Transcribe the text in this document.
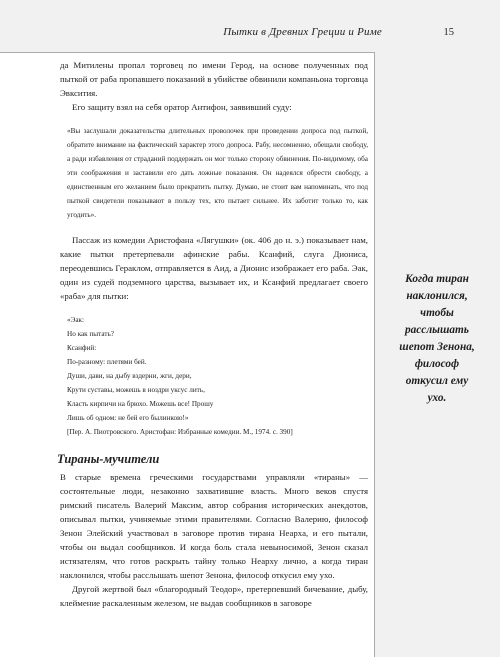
Пытки в Древних Греции и Риме	15
Когда тиран
наклонился,
чтобы
расслышать
шепот Зенона,
философ
откусил ему
ухо.

да Митилены пропал торговец по имени Герод, на основе полученных под пыткой от раба пропавшего показаний в убийстве обвинили компаньона торговца Эвксития.

Его защиту взял на себя оратор Антифон, заявивший суду:

«Вы заслушали доказательства длительных проволочек при проведении допроса под пыткой, обратите внимание на фактический характер этого допроса. Рабу, несомненно, обещали свободу, а ради избавления от страданий поддержать он мог только сторону обвинения. По-видимому, оба эти соображения и заставили его дать ложные показания. Он надеялся обрести свободу, а единственным его желанием было прекратить пытку. Думаю, не стоит вам напоминать, что под пыткой свидетели показывают в пользу тех, кто пытает сильнее. Их заботит только то, как угодить».

Пассаж из комедии Аристофана «Лягушки» (ок. 406 до н. э.) показывает нам, какие пытки претерпевали афинские рабы. Ксанфий, слуга Диониса, переодевшись Гераклом, отправляется в Аид, а Дионис изображает его раба. Эак, один из судей подземного царства, вызывает их, и Ксанфий предлагает своего «раба» для пытки:

«Эак:
Но как пытать?
Ксанфий:
По-разному: плетями бей.
Души, дави, на дыбу вздерни, жги, дери,
Крути суставы, можешь в ноздри уксус лить,
Класть кирпичи на брюхо. Можешь все! Прошу
Лишь об одном: не бей его былинкою!»
[Пер. А. Пиотровского. Аристофан: Избранные комедии. М., 1974. с. 390]
Тираны-мучители

В старые времена греческими государствами управляли «тираны» — состоятельные люди, незаконно захватившие власть. Много веков спустя римский писатель Валерий Максим, автор собрания исторических анекдотов, описывал пытки, учиняемые этими правителями. Согласно Валерию, философ Зенон Элейский участвовал в заговоре против тирана Неарха, и его пытали, чтобы он выдал сообщников. И когда боль стала невыносимой, Зенон сказал истязателям, что готов раскрыть тайну только Неарху лично, а когда тиран наклонился, чтобы расслышать шепот Зенона, философ откусил ему ухо.

Другой жертвой был «благородный Теодор», претерпевший бичевание, дыбу, клеймение раскаленным железом, не выдав сообщников в заговоре
